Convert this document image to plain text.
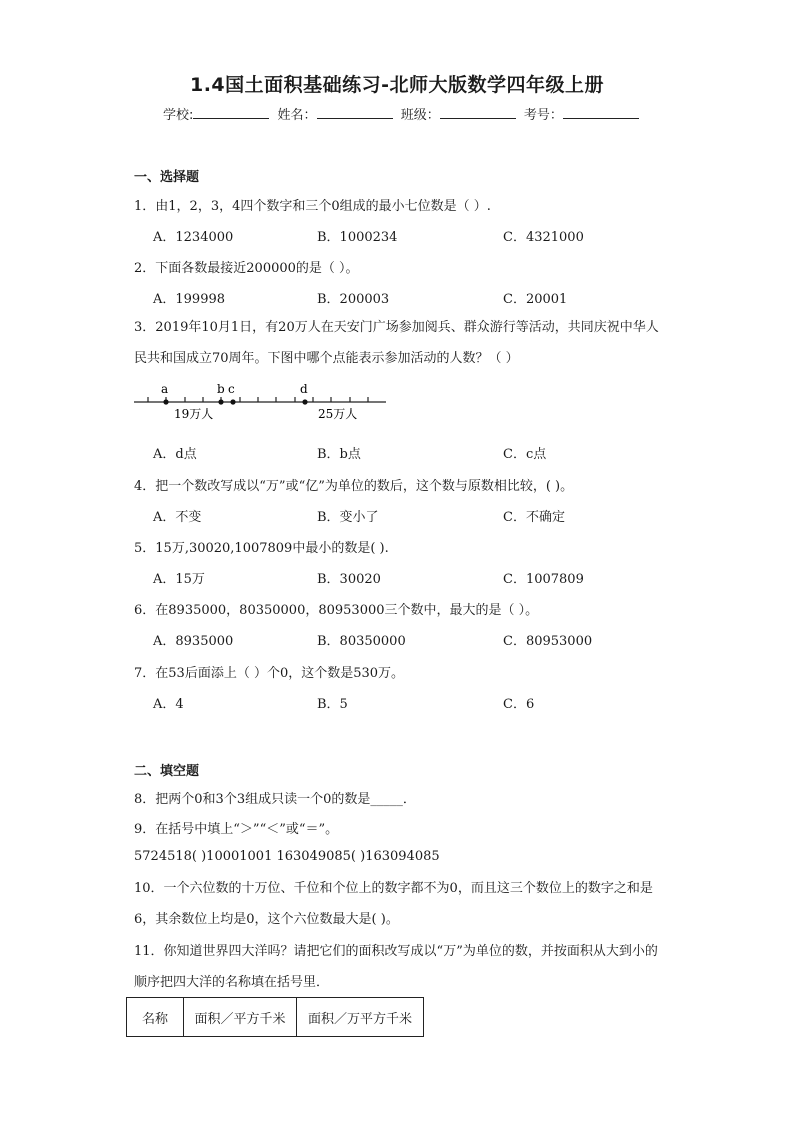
1.4国土面积基础练习-北师大版数学四年级上册
学校:	姓名：	班级：	考号：
一、选择题
1．由1，2，3，4四个数字和三个0组成的最小七位数是（ ）.
A．1234000	B．1000234	C．4321000
2．下面各数最接近200000的是（ ）。
A．199998	B．200003	C．20001
3．2019年10月1日，有20万人在天安门广场参加阅兵、群众游行等活动，共同庆祝中华人民共和国成立70周年。下图中哪个点能表示参加活动的人数？（ ）
a	b c	d
19万人	25万人
A．d点	B．b点	C．c点
4．把一个数改写成以“万”或“亿”为单位的数后，这个数与原数相比较，( )。
A．不变	B．变小了	C．不确定
5．15万,30020,1007809中最小的数是( ).
A．15万	B．30020	C．1007809
6．在8935000，80350000，80953000三个数中，最大的是（ ）。
A．8935000	B．80350000	C．80953000
7．在53后面添上（ ）个0，这个数是530万。
A．4	B．5	C．6
二、填空题
8．把两个0和3个3组成只读一个0的数是_____．
9．在括号中填上“＞”“＜”或“＝”。
5724518( )10001001 163049085( )163094085
10．一个六位数的十万位、千位和个位上的数字都不为0，而且这三个数位上的数字之和是6，其余数位上均是0，这个六位数最大是( )。
11．你知道世界四大洋吗？请把它们的面积改写成以“万”为单位的数，并按面积从大到小的顺序把四大洋的名称填在括号里．
名称	面积／平方千米	面积／万平方千米
